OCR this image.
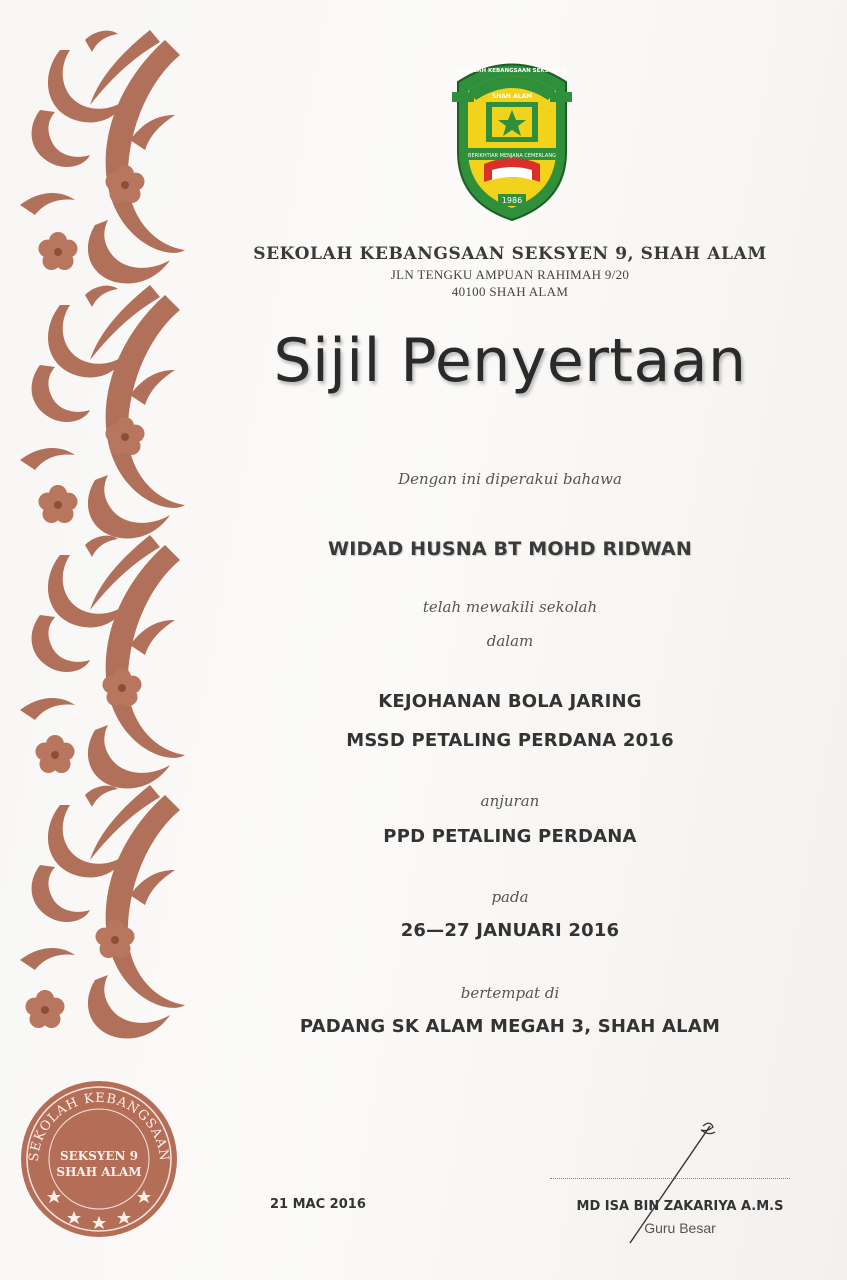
1986
BERIKHTIAR MENJANA CEMERLANG
SHAH ALAM
SEKOLAH KEBANGSAAN SEKSYEN 9
SEKOLAH KEBANGSAAN SEKSYEN 9, SHAH ALAM
JLN TENGKU AMPUAN RAHIMAH 9/20
40100 SHAH ALAM
Sijil Penyertaan
Dengan ini diperakui bahawa
WIDAD HUSNA BT MOHD RIDWAN
telah mewakili sekolah
dalam
KEJOHANAN BOLA JARING
MSSD PETALING PERDANA 2016
anjuran
PPD PETALING PERDANA
pada
26—27 JANUARI 2016
bertempat di
PADANG SK ALAM MEGAH 3, SHAH ALAM
SEKOLAH KEBANGSAAN
SEKSYEN 9
SHAH ALAM
21 MAC 2016	MD ISA BIN ZAKARIYA A.M.S
Guru Besar
